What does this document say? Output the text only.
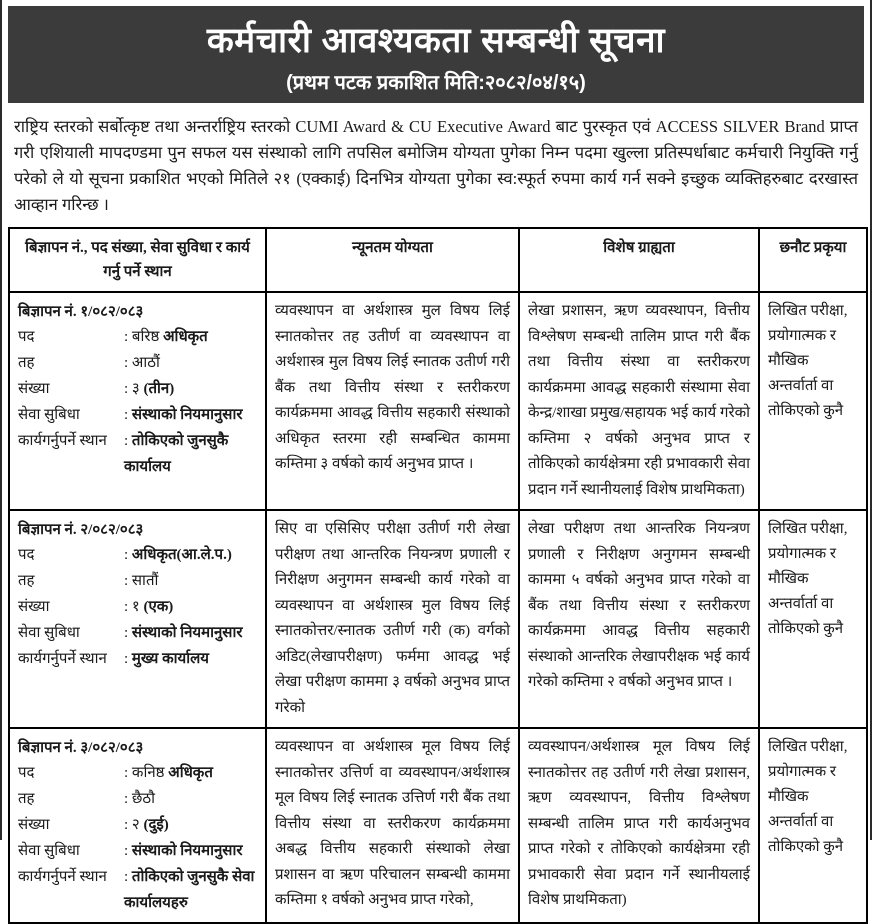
कर्मचारी आवश्यकता सम्बन्धी सूचना
(प्रथम पटक प्रकाशित मिति:२०८२/०४/१५)

राष्ट्रिय स्तरको सर्बोत्कृष्ट तथा अन्तर्राष्ट्रिय स्तरको CUMI Award & CU Executive Award बाट पुरस्कृत एवं ACCESS SILVER Brand प्राप्त गरी एशियाली मापदण्डमा पुन सफल यस संस्थाको लागि तपसिल बमोजिम योग्यता पुगेका निम्न पदमा खुल्ला प्रतिस्पर्धाबाट कर्मचारी नियुक्ति गर्नु परेको ले यो सूचना प्रकाशित भएको मितिले २१ (एक्काई) दिनभित्र योग्यता पुगेका स्व:स्फूर्त रुपमा कार्य गर्न सक्ने इच्छुक व्यक्तिहरुबाट दरखास्त आव्हान गरिन्छ ।

बिज्ञापन नं., पद संख्या, सेवा सुविधा र कार्य गर्नु पर्ने स्थान	न्यूनतम योग्यता	विशेष ग्राह्यता	छनौट प्रकृया

बिज्ञापन नं. १/०८२/०८३
पद	: बरिष्ठ अधिकृत
तह	: आठौं
संख्या	: ३ (तीन)
सेवा सुबिधा	: संस्थाको नियमानुसार
कार्यगर्नुपर्ने स्थान	: तोकिएको जुनसुकै कार्यालय
	व्यवस्थापन वा अर्थशास्त्र मुल विषय लिई स्नातकोत्तर तह उतीर्ण वा व्यवस्थापन वा अर्थशास्त्र मुल विषय लिई स्नातक उतीर्ण गरी बैंक तथा वित्तीय संस्था र स्तरीकरण कार्यक्रममा आवद्ध वित्तीय सहकारी संस्थाको अधिकृत स्तरमा रही सम्बन्धित काममा कम्तिमा ३ वर्षको कार्य अनुभव प्राप्त ।	लेखा प्रशासन, ऋण व्यवस्थापन, वित्तीय विश्लेषण सम्बन्धी तालिम प्राप्त गरी बैंक तथा वित्तीय संस्था वा स्तरीकरण कार्यक्रममा आवद्ध सहकारी संस्थामा सेवा केन्द्र/शाखा प्रमुख/सहायक भई कार्य गरेको कम्तिमा २ वर्षको अनुभव प्राप्त र तोकिएको कार्यक्षेत्रमा रही प्रभावकारी सेवा प्रदान गर्ने स्थानीयलाई विशेष प्राथमिकता)	लिखित परीक्षा, प्रयोगात्मक र मौखिक अन्तर्वार्ता वा तोकिएको कुनै

बिज्ञापन नं. २/०८२/०८३
पद	: अधिकृत(आ.ले.प.)
तह	: सातौं
संख्या	: १ (एक)
सेवा सुबिधा	: संस्थाको नियमानुसार
कार्यगर्नुपर्ने स्थान	: मुख्य कार्यालय
	सिए वा एसिसिए परीक्षा उतीर्ण गरी लेखा परीक्षण तथा आन्तरिक नियन्त्रण प्रणाली र निरीक्षण अनुगमन सम्बन्धी कार्य गरेको वा व्यवस्थापन वा अर्थशास्त्र मुल विषय लिई स्नातकोत्तर/स्नातक उतीर्ण गरी (क) वर्गको अडिट(लेखापरीक्षण) फर्ममा आवद्ध भई लेखा परीक्षण काममा ३ वर्षको अनुभव प्राप्त गरेको	लेखा परीक्षण तथा आन्तरिक नियन्त्रण प्रणाली र निरीक्षण अनुगमन सम्बन्धी काममा ५ वर्षको अनुभव प्राप्त गरेको वा बैंक तथा वित्तीय संस्था र स्तरीकरण कार्यक्रममा आवद्ध वित्तीय सहकारी संस्थाको आन्तरिक लेखापरीक्षक भई कार्य गरेको कम्तिमा २ वर्षको अनुभव प्राप्त ।	लिखित परीक्षा, प्रयोगात्मक र मौखिक अन्तर्वार्ता वा तोकिएको कुनै

बिज्ञापन नं. ३/०८२/०८३
पद	: कनिष्ठ अधिकृत
तह	: छैठौ
संख्या	: २ (दुई)
सेवा सुबिधा	: संस्थाको नियमानुसार
कार्यगर्नुपर्ने स्थान	: तोकिएको जुनसुकै सेवा कार्यालयहरु
	व्यवस्थापन वा अर्थशास्त्र मूल विषय लिई स्नातकोत्तर उत्तिर्ण वा व्यवस्थापन/अर्थशास्त्र मूल विषय लिई स्नातक उत्तिर्ण गरी बैंक तथा वित्तीय संस्था वा स्तरीकरण कार्यक्रममा अबद्ध वित्तीय सहकारी संस्थाको लेखा प्रशासन वा ऋण परिचालन सम्बन्धी काममा कम्तिमा १ वर्षको अनुभव प्राप्त गरेको,	व्यवस्थापन/अर्थशास्त्र मूल विषय लिई स्नातकोत्तर तह उतीर्ण गरी लेखा प्रशासन, ऋण व्यवस्थापन, वित्तीय विश्लेषण सम्बन्धी तालिम प्राप्त गरी कार्यअनुभव प्राप्त गरेको र तोकिएको कार्यक्षेत्रमा रही प्रभावकारी सेवा प्रदान गर्ने स्थानीयलाई विशेष प्राथमिकता)	लिखित परीक्षा, प्रयोगात्मक र मौखिक अन्तर्वार्ता वा तोकिएको कुनै
